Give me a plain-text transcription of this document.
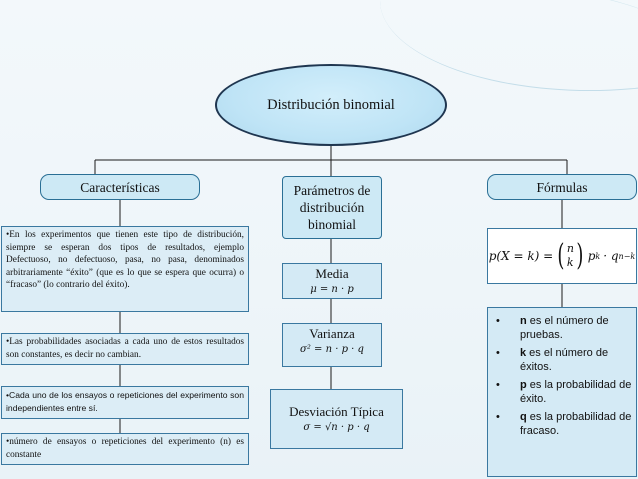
Distribución binomial
Características	Parámetros de distribución binomial
Fórmulas
•En los experimentos que tienen este tipo de distribución, siempre se esperan dos tipos de resultados, ejemplo Defectuoso, no defectuoso, pasa, no pasa, denominados arbitrariamente “éxito” (que es lo que se espera que ocurra) o “fracaso” (lo contrario del éxito).
•Las probabilidades asociadas a cada uno de estos resultados son constantes, es decir no cambian.
•Cada uno de los ensayos o repeticiones del experimento son independientes entre sí.
•número de ensayos o repeticiones del experimento (n) es constante
Media
μ = n · p
Varianza
σ² = n · p · q
Desviación Típica
σ = √n · p · q
p(X = k) = ( n
k ) p k · q n−k
•	n es el número de pruebas.
•	k es el número de éxitos.
•	p es la probabilidad de éxito.
•	q es la probabilidad de fracaso.
